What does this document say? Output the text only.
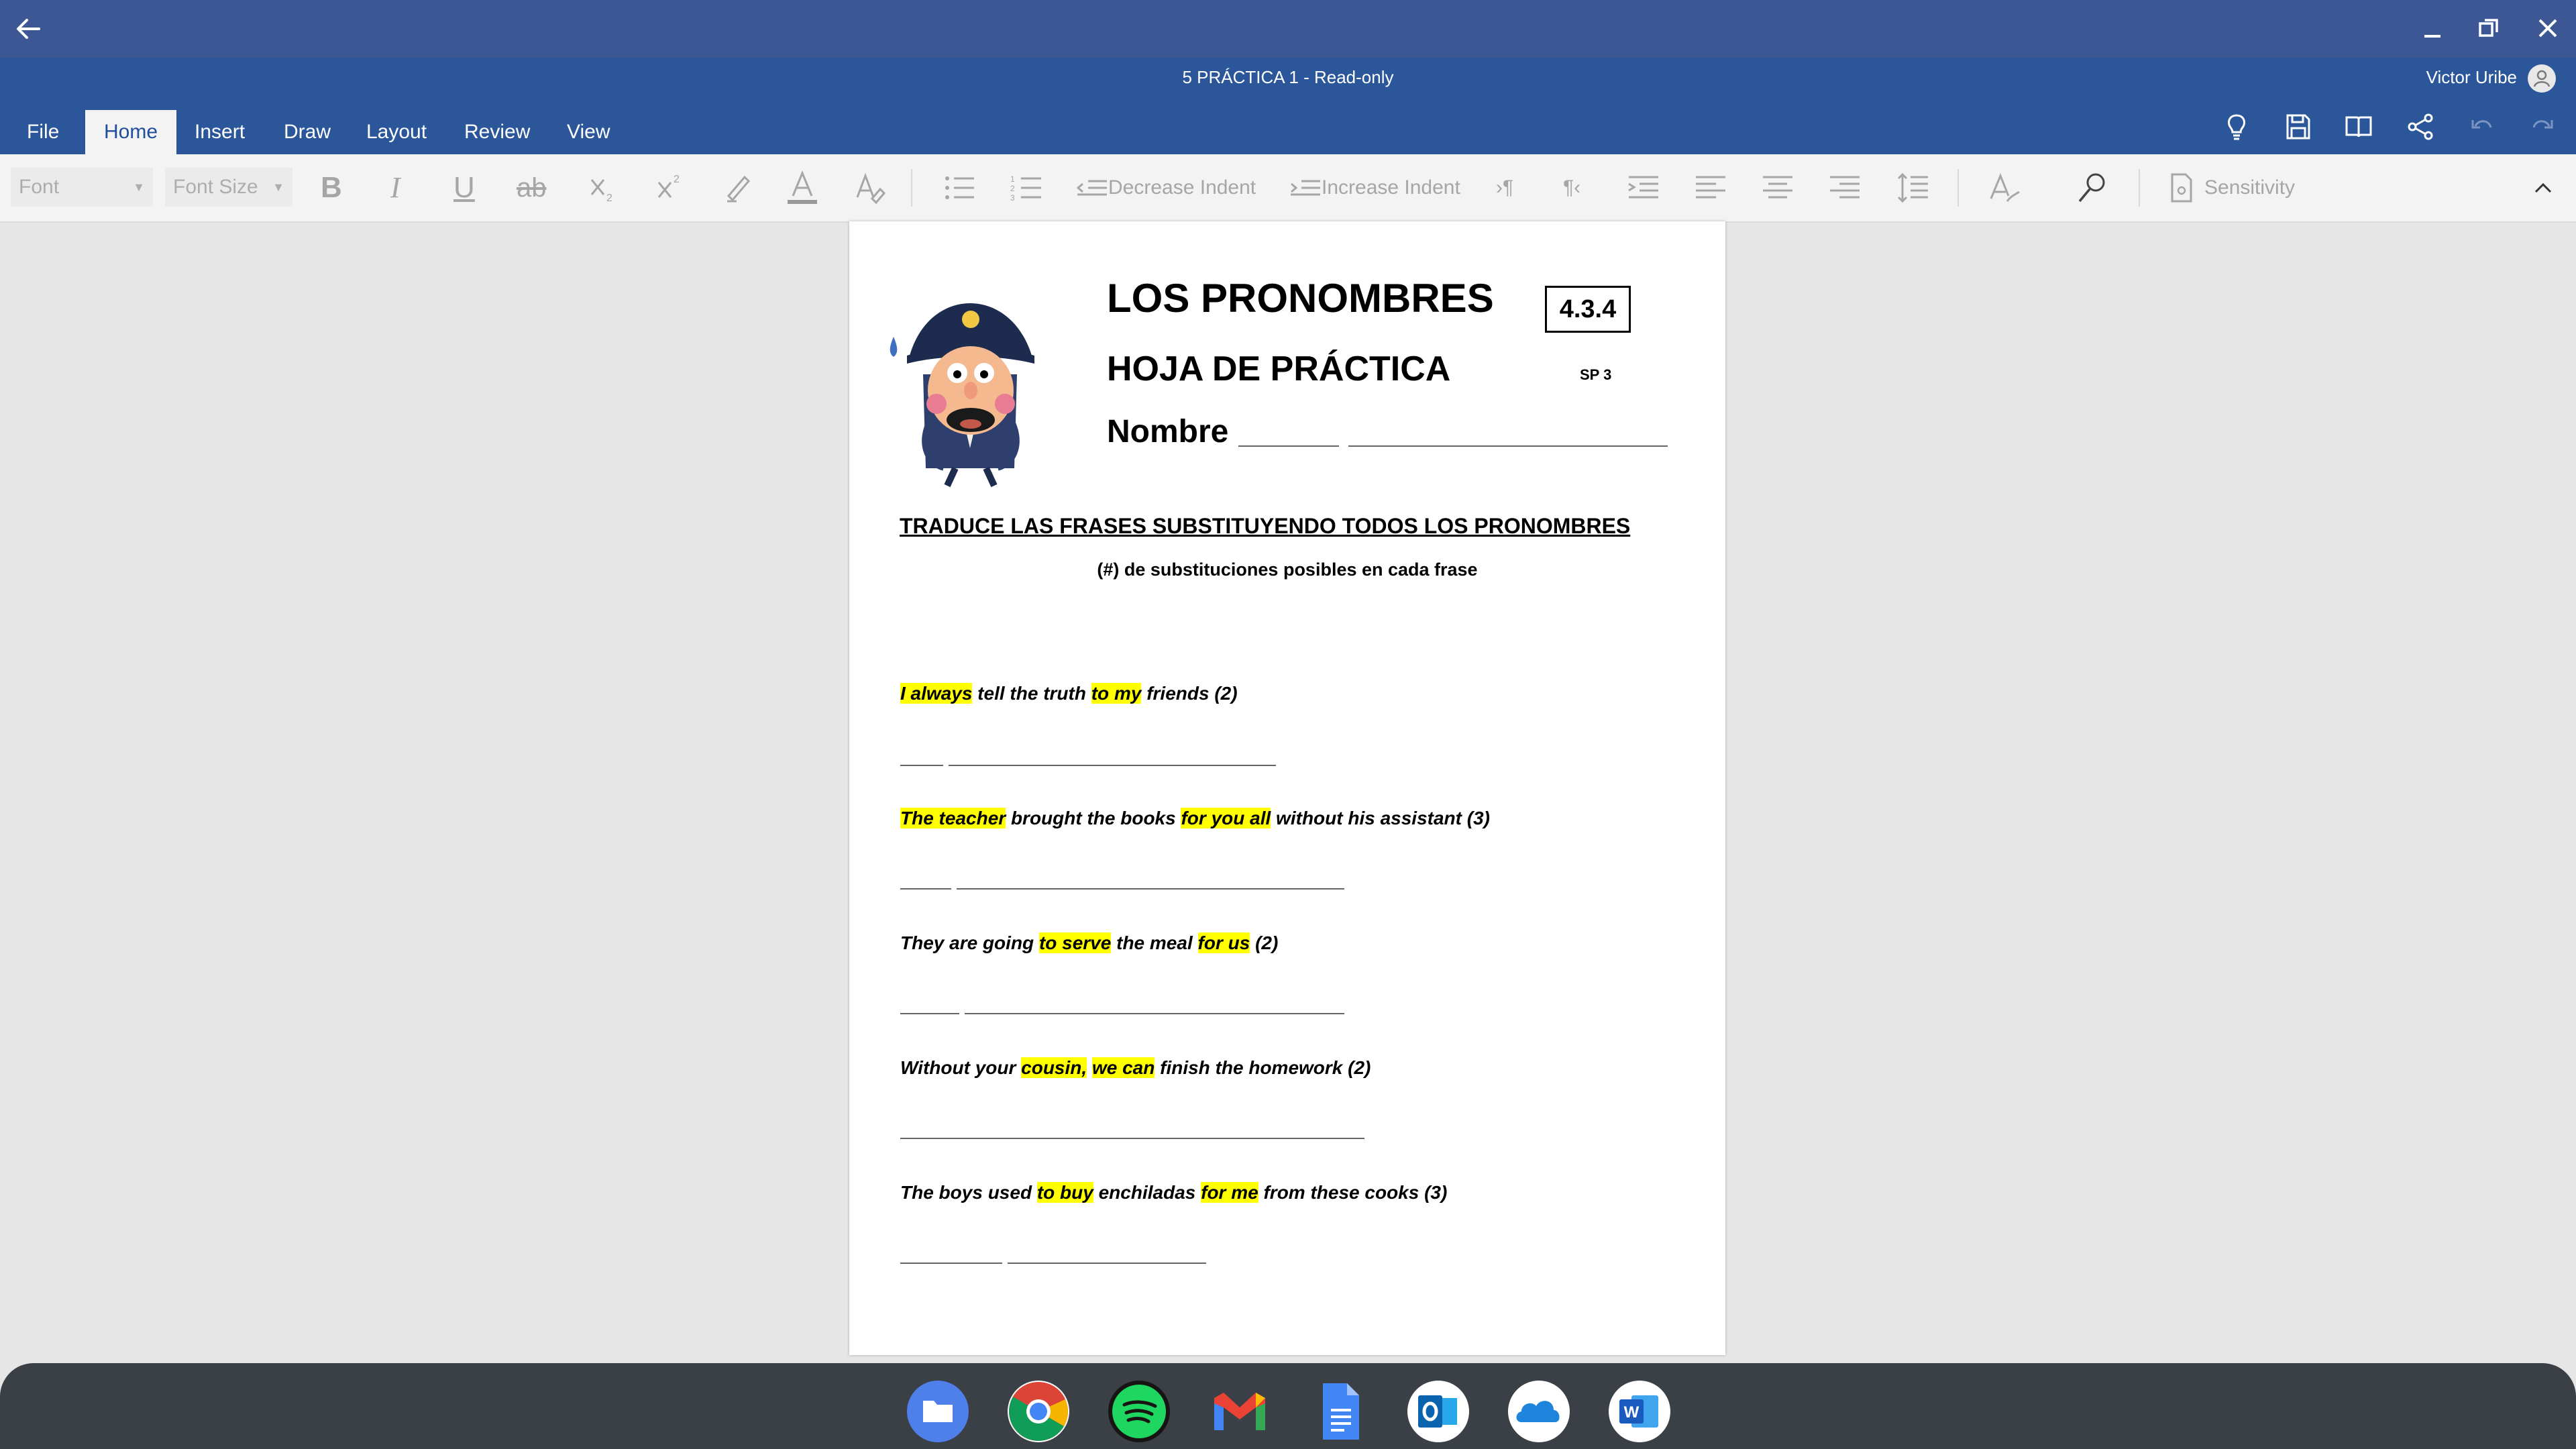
5 PRÁCTICA 1 - Read-only	Victor Uribe
File	Home	Insert Draw Layout Review View
Font	▼	Font Size ▼ B I U ab	2
2	1
2
3	Decrease Indent	Increase Indent ›¶ ¶‹	Sensitivity
LOS PRONOMBRES	4.3.4
HOJA DE PRÁCTICA	SP 3
Nombre
TRADUCE LAS FRASES SUBSTITUYENDO TODOS LOS PRONOMBRES
(#) de substituciones posibles en cada frase
I always tell the truth to my friends (2)
The teacher brought the books for you all without his assistant (3)
They are going to serve the meal for us (2)
Without your cousin, we can finish the homework (2)
The boys used to buy enchiladas for me from these cooks (3)
W
